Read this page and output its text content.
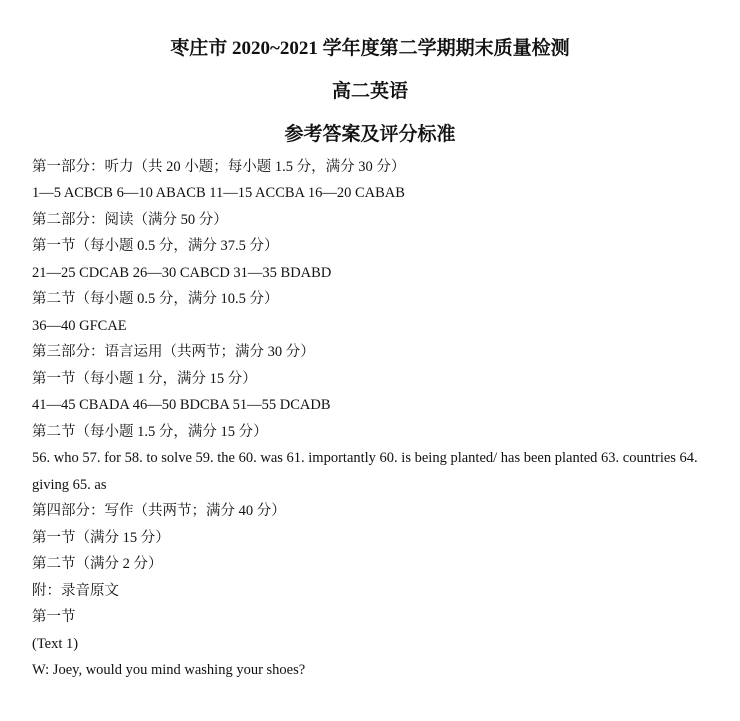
枣庄市 2020~2021 学年度第二学期期末质量检测
高二英语
参考答案及评分标准
第一部分：听力（共 20 小题；每小题 1.5 分，满分 30 分）
1—5 ACBCB 6—10 ABACB 11—15 ACCBA 16—20 CABAB
第二部分：阅读（满分 50 分）
第一节（每小题 0.5 分，满分 37.5 分）
21—25 CDCAB 26—30 CABCD 31—35 BDABD
第二节（每小题 0.5 分，满分 10.5 分）
36—40 GFCAE
第三部分：语言运用（共两节；满分 30 分）
第一节（每小题 1 分，满分 15 分）
41—45 CBADA 46—50 BDCBA 51—55 DCADB
第二节（每小题 1.5 分，满分 15 分）
56. who 57. for 58. to solve 59. the 60. was 61. importantly 60. is being planted/ has been planted 63. countries 64.
giving 65. as
第四部分：写作（共两节；满分 40 分）
第一节（满分 15 分）
第二节（满分 2 分）
附：录音原文
第一节
(Text 1)
W: Joey, would you mind washing your shoes?
